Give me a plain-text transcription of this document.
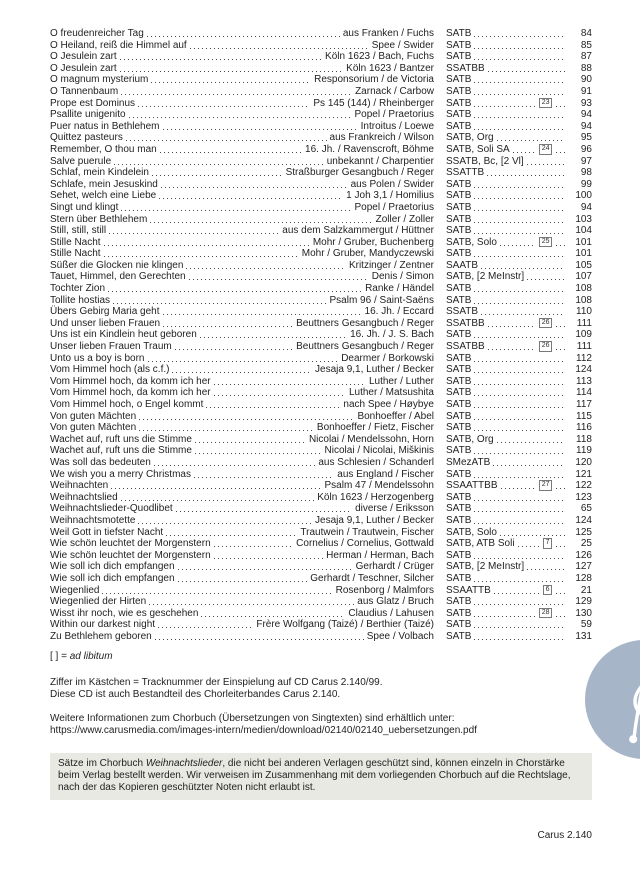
O freudenreicher Tag	aus Franken / Fuchs SATB	84
O Heiland, reiß die Himmel auf	Spee / Swider SATB	85
O Jesulein zart	Köln 1623 / Bach, Fuchs SATB	87
O Jesulein zart	Köln 1623 / Bantzer SSATBB	88
O magnum mysterium	Responsorium / de Victoria SATB	90
O Tannenbaum	Zarnack / Carbow SATB	91
Prope est Dominus	Ps 145 (144) / Rheinberger SATB	23	93
Psallite unigenito	Popel / Praetorius SATB	94
Puer natus in Bethlehem	Introitus / Loewe SATB	94
Quittez pasteurs	aus Frankreich / Wilson SATB, Org	95
Remember, O thou man	16. Jh. / Ravenscroft, Böhme SATB, Soli SA	24	96
Salve puerule	unbekannt / Charpentier SSATB, Bc, [2 Vl]	97
Schlaf, mein Kindelein	Straßburger Gesangbuch / Reger SSATTB	98
Schlafe, mein Jesuskind	aus Polen / Swider SATB	99
Sehet, welch eine Liebe	1 Joh 3,1 / Homilius SATB	100
Singt und klingt	Popel / Praetorius SATB	94
Stern über Bethlehem	Zoller / Zoller SATB	103
Still, still, still	aus dem Salzkammergut / Hüttner SATB	104
Stille Nacht	Mohr / Gruber, Buchenberg SATB, Solo	25	101
Stille Nacht	Mohr / Gruber, Mandyczewski SATB	101
Süßer die Glocken nie klingen	Kritzinger / Zentner SAATB	105
Tauet, Himmel, den Gerechten	Denis / Simon SATB, [2 MeInstr]	107
Tochter Zion	Ranke / Händel SATB	108
Tollite hostias	Psalm 96 / Saint-Saëns SATB	108
Übers Gebirg Maria geht	16. Jh. / Eccard SSATB	110
Und unser lieben Frauen	Beuttners Gesangbuch / Reger SSATBB	26	111
Uns ist ein Kindlein heut geboren	16. Jh. / J. S. Bach SATB	109
Unser lieben Frauen Traum	Beuttners Gesangbuch / Reger SSATBB	26	111
Unto us a boy is born	Dearmer / Borkowski SATB	112
Vom Himmel hoch (als c.f.)	Jesaja 9,1, Luther / Becker SATB	124
Vom Himmel hoch, da komm ich her	Luther / Luther SATB	113
Vom Himmel hoch, da komm ich her	Luther / Matsushita SATB	114
Vom Himmel hoch, o Engel kommt	nach Spee / Høybye SATB	117
Von guten Mächten	Bonhoeffer / Abel SATB	115
Von guten Mächten	Bonhoeffer / Fietz, Fischer SATB	116
Wachet auf, ruft uns die Stimme	Nicolai / Mendelssohn, Horn SATB, Org	118
Wachet auf, ruft uns die Stimme	Nicolai / Nicolai, Miškinis SATB	119
Was soll das bedeuten	aus Schlesien / Schanderl SMezATB	120
We wish you a merry Christmas	aus England / Fischer SATB	121
Weihnachten	Psalm 47 / Mendelssohn SSAATTBB	27	122
Weihnachtslied	Köln 1623 / Herzogenberg SATB	123
Weihnachtslieder-Quodlibet	diverse / Eriksson SATB	65
Weihnachtsmotette	Jesaja 9,1, Luther / Becker SATB	124
Weil Gott in tiefster Nacht	Trautwein / Trautwein, Fischer SATB, Solo	125
Wie schön leuchtet der Morgenstern	Cornelius / Cornelius, Gottwald SATB, ATB Soli	7	25
Wie schön leuchtet der Morgenstern	Herman / Herman, Bach SATB	126
Wie soll ich dich empfangen	Gerhardt / Crüger SATB, [2 MeInstr]	127
Wie soll ich dich empfangen	Gerhardt / Teschner, Silcher SATB	128
Wiegenlied	Rosenborg / Malmfors SSAATTB	6	21
Wiegenlied der Hirten	aus Glatz / Bruch SATB	129
Wisst ihr noch, wie es geschehen	Claudius / Lahusen SATB	28	130
Within our darkest night	Frère Wolfgang (Taizé) / Berthier (Taizé) SATB	59
Zu Bethlehem geboren	Spee / Volbach SATB	131
[ ] = ad libitum
Ziffer im Kästchen = Tracknummer der Einspielung auf CD Carus 2.140/99.
Diese CD ist auch Bestandteil des Chorleiterbandes Carus 2.140.
Weitere Informationen zum Chorbuch (Übersetzungen von Singtexten) sind erhältlich unter:
https://www.carusmedia.com/images-intern/medien/download/02140/02140_uebersetzungen.pdf
Sätze im Chorbuch Weihnachtslieder, die nicht bei anderen Verlagen geschützt sind, können einzeln in Chorstärke beim Verlag bestellt werden. Wir verweisen im Zusammenhang mit dem vorliegenden Chorbuch auf die Rechtslage, nach der das Kopieren geschützter Noten nicht erlaubt ist.
Carus 2.140
